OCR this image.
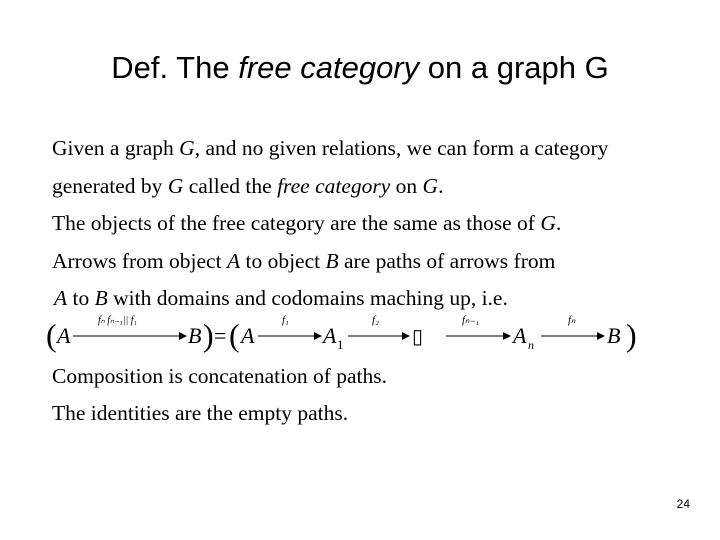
Def. The free category on a graph G
Given a graph G, and no given relations, we can form a category
generated by G called the free category on G.
The objects of the free category are the same as those of G.
Arrows from object A to object B are paths of arrows from
A to B with domains and codomains maching up, i.e.
( A
fₙ fₙ₋₁|| f₁
B ) = ( A
f₁
A 1
f₂
▯
fₙ₋₁
A n
fₙ
B )
Composition is concatenation of paths.
The identities are the empty paths.
24
